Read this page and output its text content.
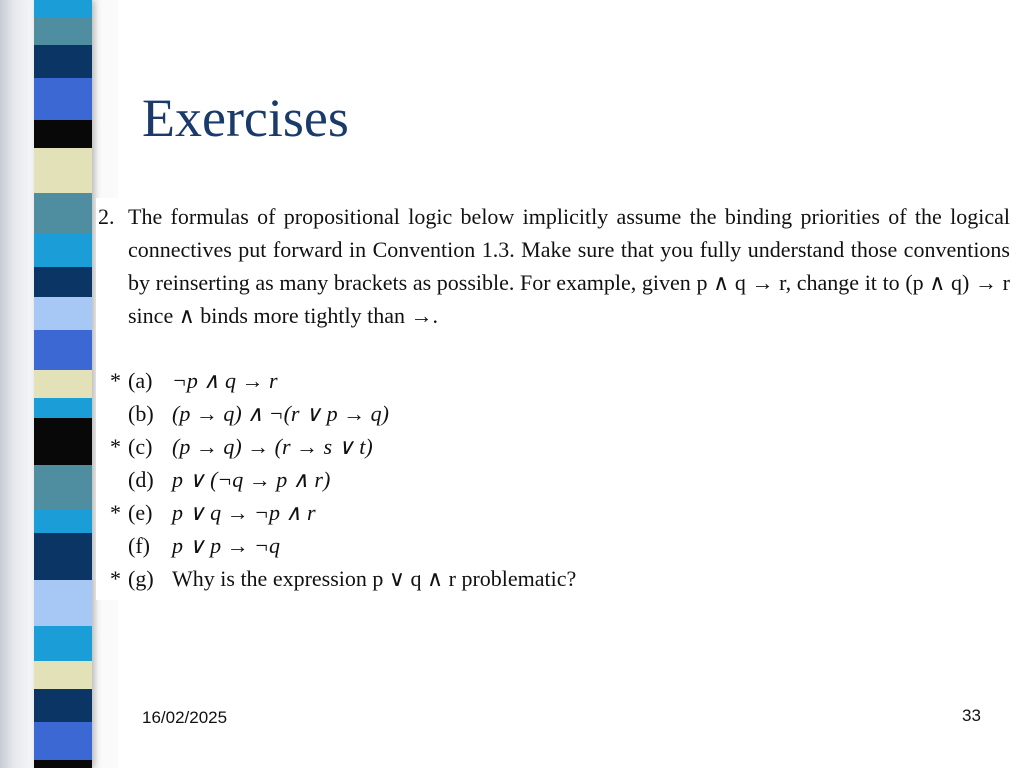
Exercises
2. The formulas of propositional logic below implicitly assume the binding priorities of the logical connectives put forward in Convention 1.3. Make sure that you fully understand those conventions by reinserting as many brackets as possible. For example, given p ∧ q → r, change it to (p ∧ q) → r since ∧ binds more tightly than →.
* (a) ¬p ∧ q → r
(b) (p → q) ∧ ¬(r ∨ p → q)
* (c) (p → q) → (r → s ∨ t)
(d) p ∨ (¬q → p ∧ r)
* (e) p ∨ q → ¬p ∧ r
(f) p ∨ p → ¬q
* (g) Why is the expression p ∨ q ∧ r problematic?
16/02/2025	33
